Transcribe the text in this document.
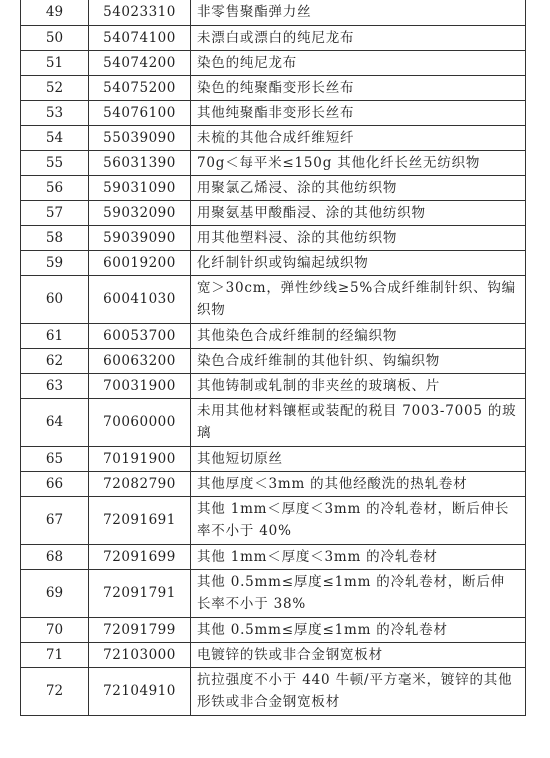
49	54023310	非零售聚酯弹力丝
50	54074100	未漂白或漂白的纯尼龙布
51	54074200	染色的纯尼龙布
52	54075200	染色的纯聚酯变形长丝布
53	54076100	其他纯聚酯非变形长丝布
54	55039090	未梳的其他合成纤维短纤
55	56031390	70g＜每平米≤150g 其他化纤长丝无纺织物
56	59031090	用聚氯乙烯浸、涂的其他纺织物
57	59032090	用聚氨基甲酸酯浸、涂的其他纺织物
58	59039090	用其他塑料浸、涂的其他纺织物
59	60019200	化纤制针织或钩编起绒织物
60	60041030	宽＞30cm，弹性纱线≥5%合成纤维制针织、钩编织物
61	60053700	其他染色合成纤维制的经编织物
62	60063200	染色合成纤维制的其他针织、钩编织物
63	70031900	其他铸制或轧制的非夹丝的玻璃板、片
64	70060000	未用其他材料镶框或装配的税目 7003-7005 的玻璃
65	70191900	其他短切原丝
66	72082790	其他厚度＜3mm 的其他经酸洗的热轧卷材
67	72091691	其他 1mm＜厚度＜3mm 的冷轧卷材，断后伸长率不小于 40%
68	72091699	其他 1mm＜厚度＜3mm 的冷轧卷材
69	72091791	其他 0.5mm≤厚度≤1mm 的冷轧卷材，断后伸长率不小于 38%
70	72091799	其他 0.5mm≤厚度≤1mm 的冷轧卷材
71	72103000	电镀锌的铁或非合金钢宽板材
72	72104910	抗拉强度不小于 440 牛顿/平方毫米，镀锌的其他形铁或非合金钢宽板材
